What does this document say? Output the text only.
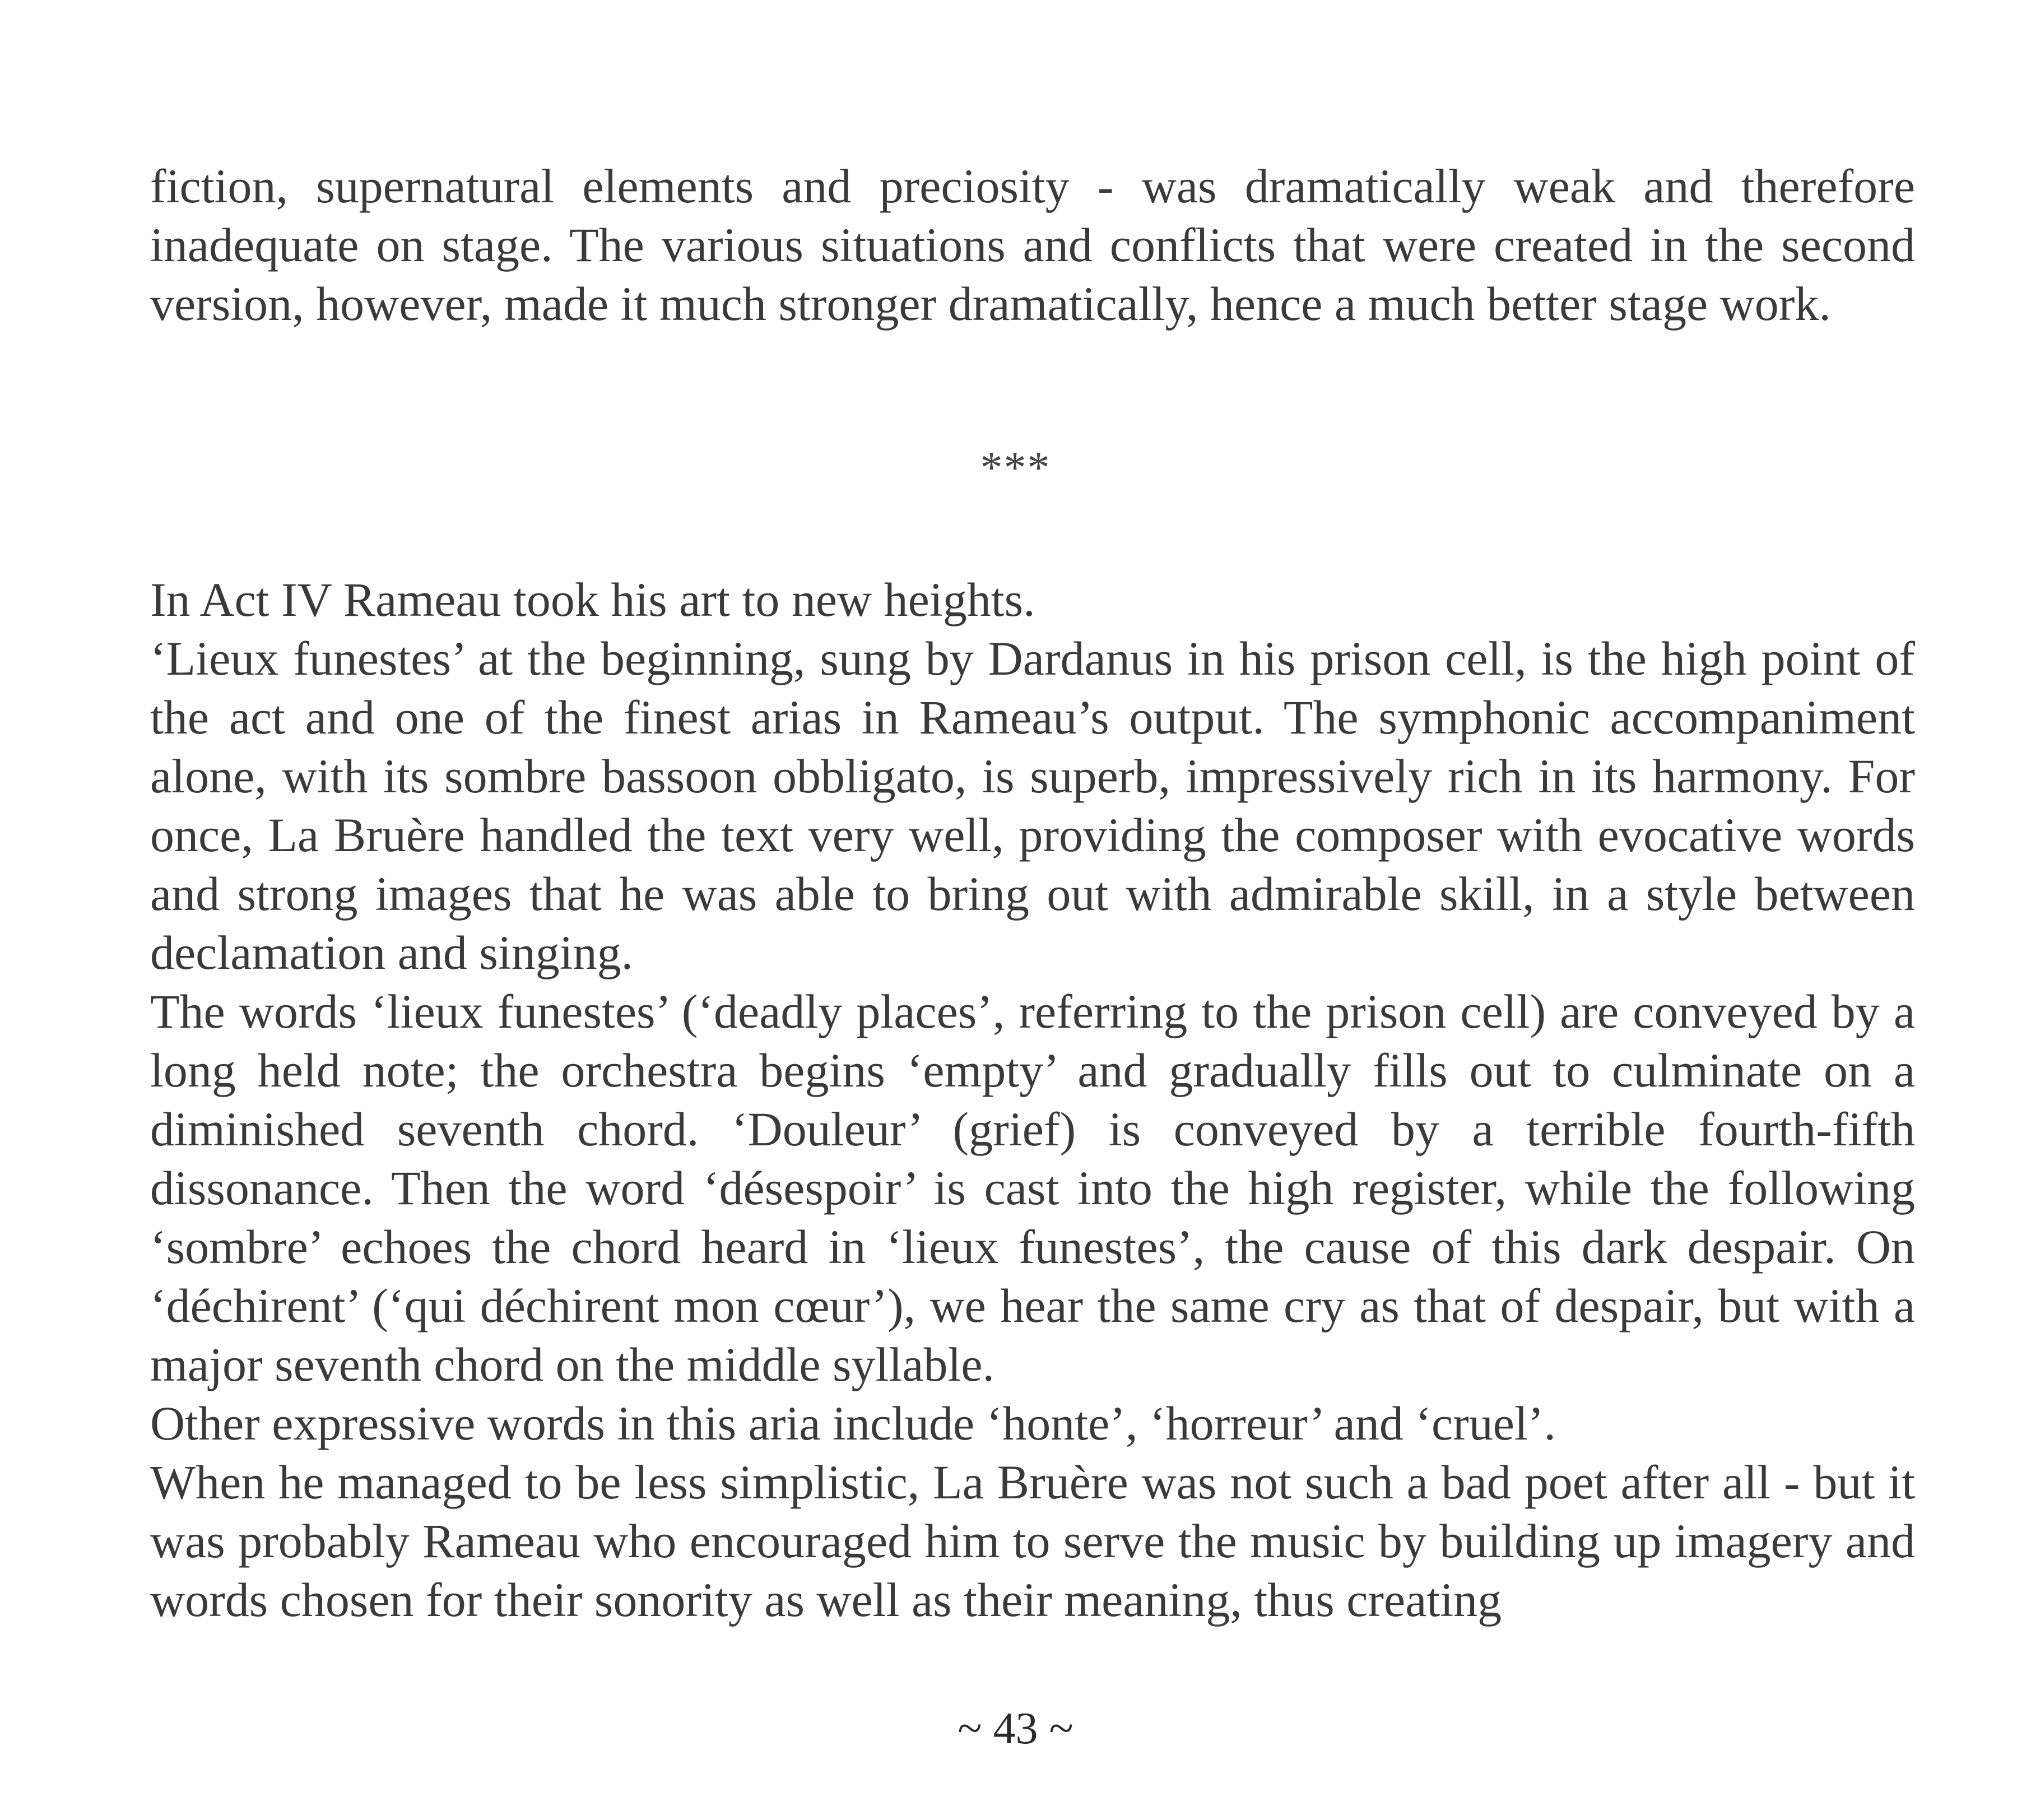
fiction, supernatural elements and preciosity - was dramatically weak and therefore inadequate on stage. The various situations and conflicts that were created in the second version, however, made it much stronger dramatically, hence a much better stage work.

***

In Act IV Rameau took his art to new heights.

‘Lieux funestes’ at the beginning, sung by Dardanus in his prison cell, is the high point of the act and one of the finest arias in Rameau’s output. The symphonic accompaniment alone, with its sombre bassoon obbligato, is superb, impressively rich in its harmony. For once, La Bruère handled the text very well, providing the composer with evocative words and strong images that he was able to bring out with admirable skill, in a style between declamation and singing.

The words ‘lieux funestes’ (‘deadly places’, referring to the prison cell) are conveyed by a long held note; the orchestra begins ‘empty’ and gradually fills out to culminate on a diminished seventh chord. ‘Douleur’ (grief) is conveyed by a terrible fourth-fifth dissonance. Then the word ‘désespoir’ is cast into the high register, while the following ‘sombre’ echoes the chord heard in ‘lieux funestes’, the cause of this dark despair. On ‘déchirent’ (‘qui déchirent mon cœur’), we hear the same cry as that of despair, but with a major seventh chord on the middle syllable.

Other expressive words in this aria include ‘honte’, ‘horreur’ and ‘cruel’.

When he managed to be less simplistic, La Bruère was not such a bad poet after all - but it was probably Rameau who encouraged him to serve the music by building up imagery and words chosen for their sonority as well as their meaning, thus creating

~ 43 ~
